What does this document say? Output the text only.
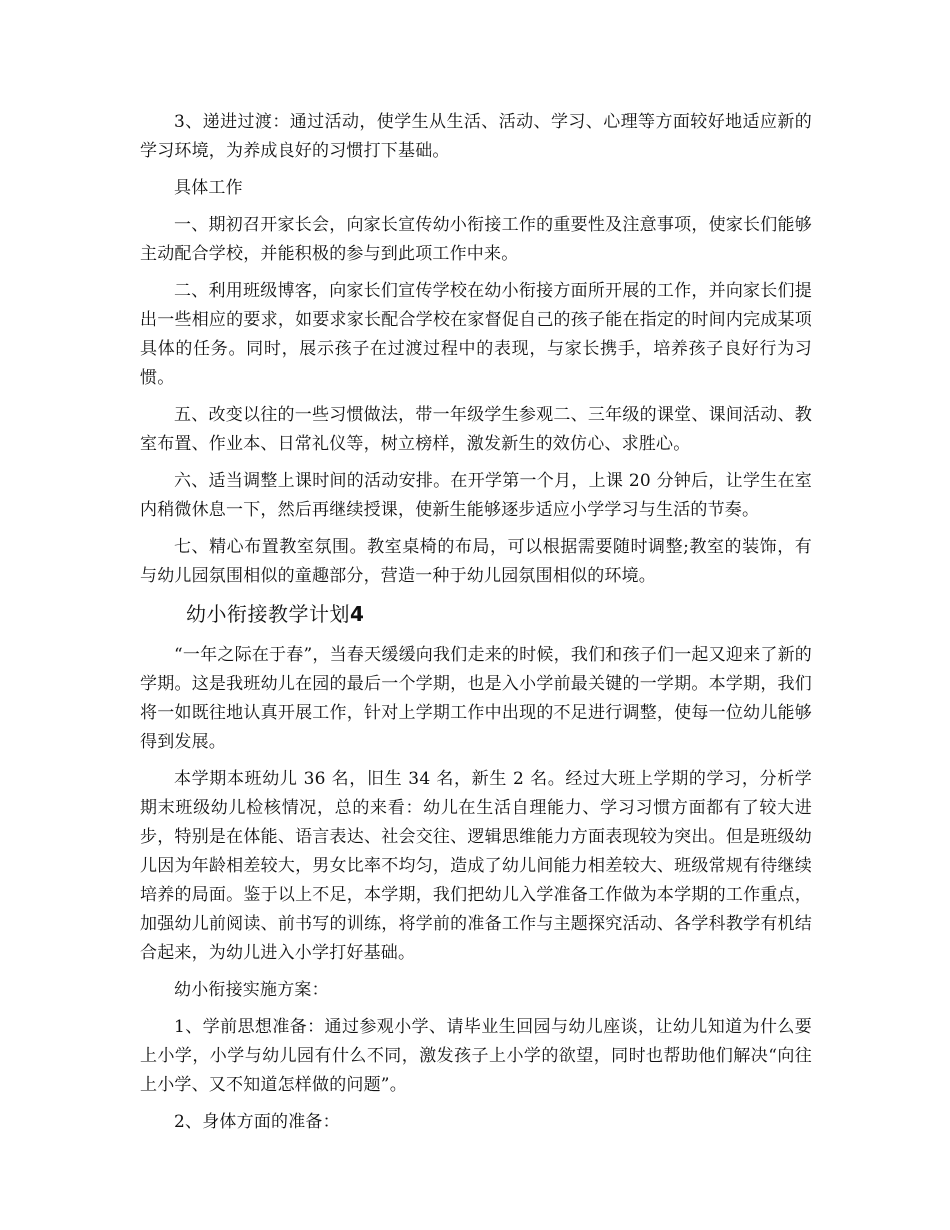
3、递进过渡：通过活动，使学生从生活、活动、学习、心理等方面较好地适应新的学习环境，为养成良好的习惯打下基础。

具体工作

一、期初召开家长会，向家长宣传幼小衔接工作的重要性及注意事项，使家长们能够主动配合学校，并能积极的参与到此项工作中来。

二、利用班级博客，向家长们宣传学校在幼小衔接方面所开展的工作，并向家长们提出一些相应的要求，如要求家长配合学校在家督促自己的孩子能在指定的时间内完成某项具体的任务。同时，展示孩子在过渡过程中的表现，与家长携手，培养孩子良好行为习惯。

五、改变以往的一些习惯做法，带一年级学生参观二、三年级的课堂、课间活动、教室布置、作业本、日常礼仪等，树立榜样，激发新生的效仿心、求胜心。

六、适当调整上课时间的活动安排。在开学第一个月，上课 20 分钟后，让学生在室内稍微休息一下，然后再继续授课，使新生能够逐步适应小学学习与生活的节奏。

七、精心布置教室氛围。教室桌椅的布局，可以根据需要随时调整;教室的装饰，有与幼儿园氛围相似的童趣部分，营造一种于幼儿园氛围相似的环境。

幼小衔接教学计划4

“一年之际在于春”，当春天缓缓向我们走来的时候，我们和孩子们一起又迎来了新的学期。这是我班幼儿在园的最后一个学期，也是入小学前最关键的一学期。本学期，我们将一如既往地认真开展工作，针对上学期工作中出现的不足进行调整，使每一位幼儿能够得到发展。

本学期本班幼儿 36 名，旧生 34 名，新生 2 名。经过大班上学期的学习，分析学期末班级幼儿检核情况，总的来看：幼儿在生活自理能力、学习习惯方面都有了较大进步，特别是在体能、语言表达、社会交往、逻辑思维能力方面表现较为突出。但是班级幼儿因为年龄相差较大，男女比率不均匀，造成了幼儿间能力相差较大、班级常规有待继续培养的局面。鉴于以上不足，本学期，我们把幼儿入学准备工作做为本学期的工作重点，加强幼儿前阅读、前书写的训练，将学前的准备工作与主题探究活动、各学科教学有机结合起来，为幼儿进入小学打好基础。

幼小衔接实施方案：

1、学前思想准备：通过参观小学、请毕业生回园与幼儿座谈，让幼儿知道为什么要上小学，小学与幼儿园有什么不同，激发孩子上小学的欲望，同时也帮助他们解决“向往上小学、又不知道怎样做的问题”。

2、身体方面的准备：
